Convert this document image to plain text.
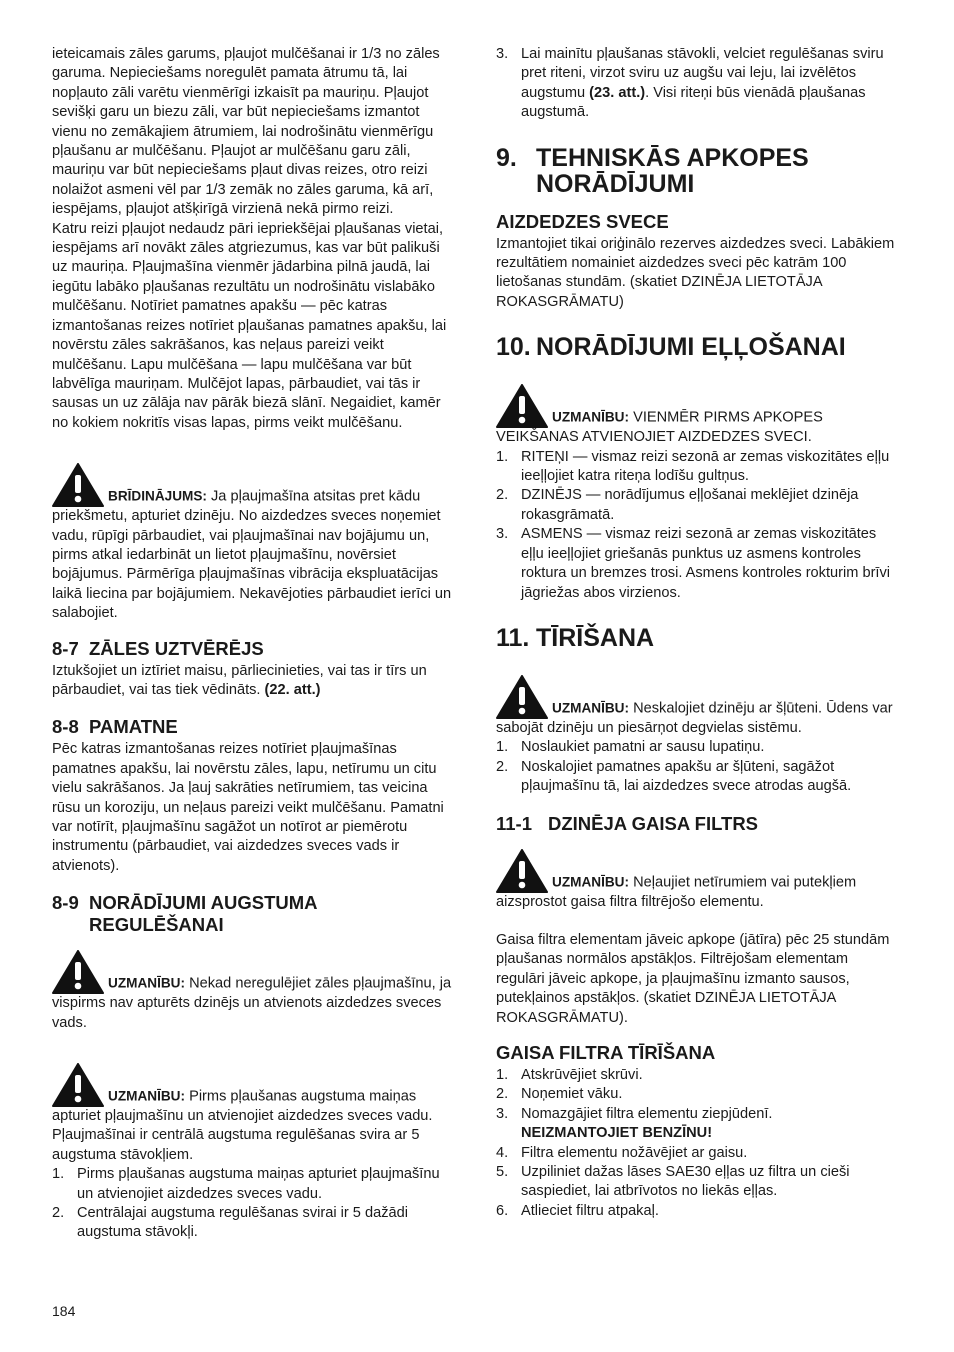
ieteicamais zāles garums, pļaujot mulčēšanai ir 1/3 no zāles garuma. Nepieciešams noregulēt pamata ātrumu tā, lai nopļauto zāli varētu vienmērīgi izkaisīt pa mauriņu. Pļaujot sevišķi garu un biezu zāli, var būt nepieciešams izmantot vienu no zemākajiem ātrumiem, lai nodrošinātu vienmērīgu pļaušanu ar mulčēšanu. Pļaujot ar mulčēšanu garu zāli, mauriņu var būt nepieciešams pļaut divas reizes, otro reizi nolaižot asmeni vēl par 1/3 zemāk no zāles garuma, kā arī, iespējams, pļaujot atšķirīgā virzienā nekā pirmo reizi.

Katru reizi pļaujot nedaudz pāri iepriekšējai pļaušanas vietai, iespējams arī novākt zāles atgriezumus, kas var būt palikuši uz mauriņa. Pļaujmašīna vienmēr jādarbina pilnā jaudā, lai iegūtu labāko pļaušanas rezultātu un nodrošinātu vislabāko mulčēšanu. Notīriet pamatnes apakšu — pēc katras izmantošanas reizes notīriet pļaušanas pamatnes apakšu, lai novērstu zāles sakrāšanos, kas neļaus pareizi veikt mulčēšanu. Lapu mulčēšana — lapu mulčēšana var būt labvēlīga mauriņam. Mulčējot lapas, pārbaudiet, vai tās ir sausas un uz zālāja nav pārāk biezā slānī. Negaidiet, kamēr no kokiem nokritīs visas lapas, pirms veikt mulčēšanu.

BRĪDINĀJUMS: Ja pļaujmašīna atsitas pret kādu priekšmetu, apturiet dzinēju. No aizdedzes sveces noņemiet vadu, rūpīgi pārbaudiet, vai pļaujmašīnai nav bojājumu un, pirms atkal iedarbināt un lietot pļaujmašīnu, novērsiet bojājumus. Pārmērīga pļaujmašīnas vibrācija ekspluatācijas laikā liecina par bojājumiem. Nekavējoties pārbaudiet ierīci un salabojiet.
8-7 ZĀLES UZTVĒRĒJS

Iztukšojiet un iztīriet maisu, pārliecinieties, vai tas ir tīrs un pārbaudiet, vai tas tiek vēdināts. (22. att.)

8-8 PAMATNE

Pēc katras izmantošanas reizes notīriet pļaujmašīnas pamatnes apakšu, lai novērstu zāles, lapu, netīrumu un citu vielu sakrāšanos. Ja ļauj sakrāties netīrumiem, tas veicina rūsu un koroziju, un neļaus pareizi veikt mulčēšanu. Pamatni var notīrīt, pļaujmašīnu sagāžot un notīrot ar piemērotu instrumentu (pārbaudiet, vai aizdedzes sveces vads ir atvienots).

8-9 NORĀDĪJUMI AUGSTUMA REGULĒŠANAI
UZMANĪBU: Nekad neregulējiet zāles pļaujmašīnu, ja vispirms nav apturēts dzinējs un atvienots aizdedzes sveces vads.
UZMANĪBU: Pirms pļaušanas augstuma maiņas apturiet pļaujmašīnu un atvienojiet aizdedzes sveces vadu.

Pļaujmašīnai ir centrālā augstuma regulēšanas svira ar 5 augstuma stāvokļiem.

1. Pirms pļaušanas augstuma maiņas apturiet pļaujmašīnu un atvienojiet aizdedzes sveces vadu.
2. Centrālajai augstuma regulēšanas svirai ir 5 dažādi augstuma stāvokļi.
3. Lai mainītu pļaušanas stāvokli, velciet regulēšanas sviru pret riteni, virzot sviru uz augšu vai leju, lai izvēlētos augstumu (23. att.). Visi riteņi būs vienādā pļaušanas augstumā.
9. TEHNISKĀS APKOPES NORĀDĪJUMI
AIZDEDZES SVECE

Izmantojiet tikai oriģinālo rezerves aizdedzes sveci. Labākiem rezultātiem nomainiet aizdedzes sveci pēc katrām 100 lietošanas stundām. (skatiet DZINĒJA LIETOTĀJA ROKASGRĀMATU)

10. NORĀDĪJUMI EĻĻOŠANAI
UZMANĪBU: VIENMĒR PIRMS APKOPES VEIKŠANAS ATVIENOJIET AIZDEDZES SVECI.
1. RITEŅI — vismaz reizi sezonā ar zemas viskozitātes eļļu ieeļļojiet katra riteņa lodīšu gultņus.
2. DZINĒJS — norādījumus eļļošanai meklējiet dzinēja rokasgrāmatā.
3. ASMENS — vismaz reizi sezonā ar zemas viskozitātes eļļu ieeļļojiet griešanās punktus uz asmens kontroles roktura un bremzes trosi. Asmens kontroles rokturim brīvi jāgriežas abos virzienos.
11. TĪRĪŠANA
UZMANĪBU: Neskalojiet dzinēju ar šļūteni. Ūdens var sabojāt dzinēju un piesārņot degvielas sistēmu.
1. Noslaukiet pamatni ar sausu lupatiņu.
2. Noskalojiet pamatnes apakšu ar šļūteni, sagāžot pļaujmašīnu tā, lai aizdedzes svece atrodas augšā.
11-1 DZINĒJA GAISA FILTRS
UZMANĪBU: Neļaujiet netīrumiem vai putekļiem aizsprostot gaisa filtra filtrējošo elementu.

Gaisa filtra elementam jāveic apkope (jātīra) pēc 25 stundām pļaušanas normālos apstākļos. Filtrējošam elementam regulāri jāveic apkope, ja pļaujmašīnu izmanto sausos, putekļainos apstākļos. (skatiet DZINĒJA LIETOTĀJA ROKASGRĀMATU).

GAISA FILTRA TĪRĪŠANA
1. Atskrūvējiet skrūvi.
2. Noņemiet vāku.
3. Nomazgājiet filtra elementu ziepjūdenī.
NEIZMANTOJIET BENZĪNU!
4. Filtra elementu nožāvējiet ar gaisu.
5. Uzpiliniet dažas lāses SAE30 eļļas uz filtra un cieši saspiediet, lai atbrīvotos no liekās eļļas.
6. Atlieciet filtru atpakaļ.
184
